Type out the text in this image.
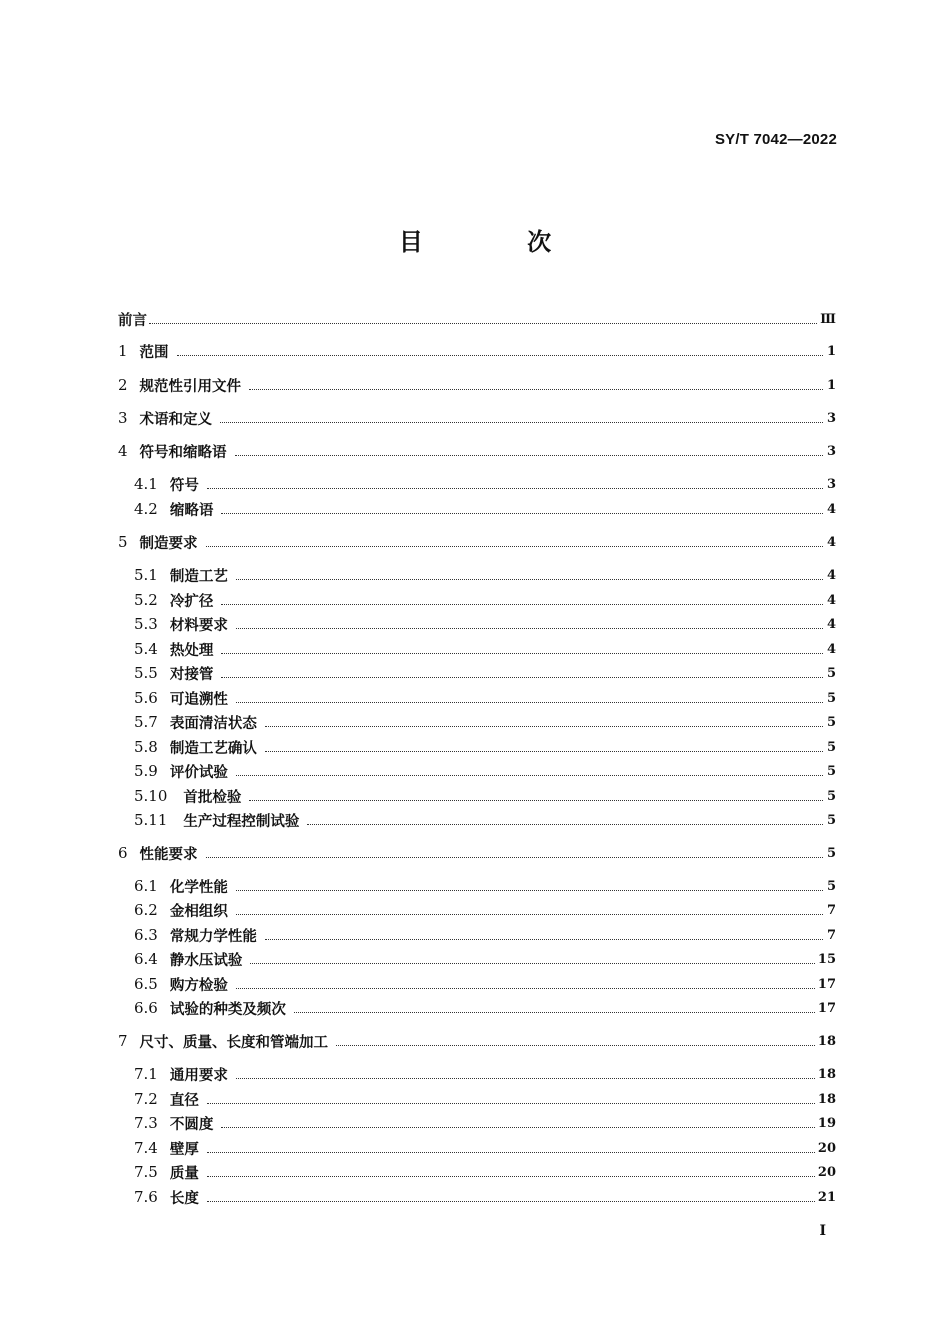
SY/T 7042—2022
目 次
前言	Ⅲ
1 范围	1
2 规范性引用文件	1
3 术语和定义	3
4 符号和缩略语	3
4.1 符号	3
4.2 缩略语	4
5 制造要求	4
5.1 制造工艺	4
5.2 冷扩径	4
5.3 材料要求	4
5.4 热处理	4
5.5 对接管	5
5.6 可追溯性	5
5.7 表面清洁状态	5
5.8 制造工艺确认	5
5.9 评价试验	5
5.10 首批检验	5
5.11 生产过程控制试验	5
6 性能要求	5
6.1 化学性能	5
6.2 金相组织	7
6.3 常规力学性能	7
6.4 静水压试验	15
6.5 购方检验	17
6.6 试验的种类及频次	17
7 尺寸、质量、长度和管端加工	18
7.1 通用要求	18
7.2 直径	18
7.3 不圆度	19
7.4 壁厚	20
7.5 质量	20
7.6 长度	21
I
